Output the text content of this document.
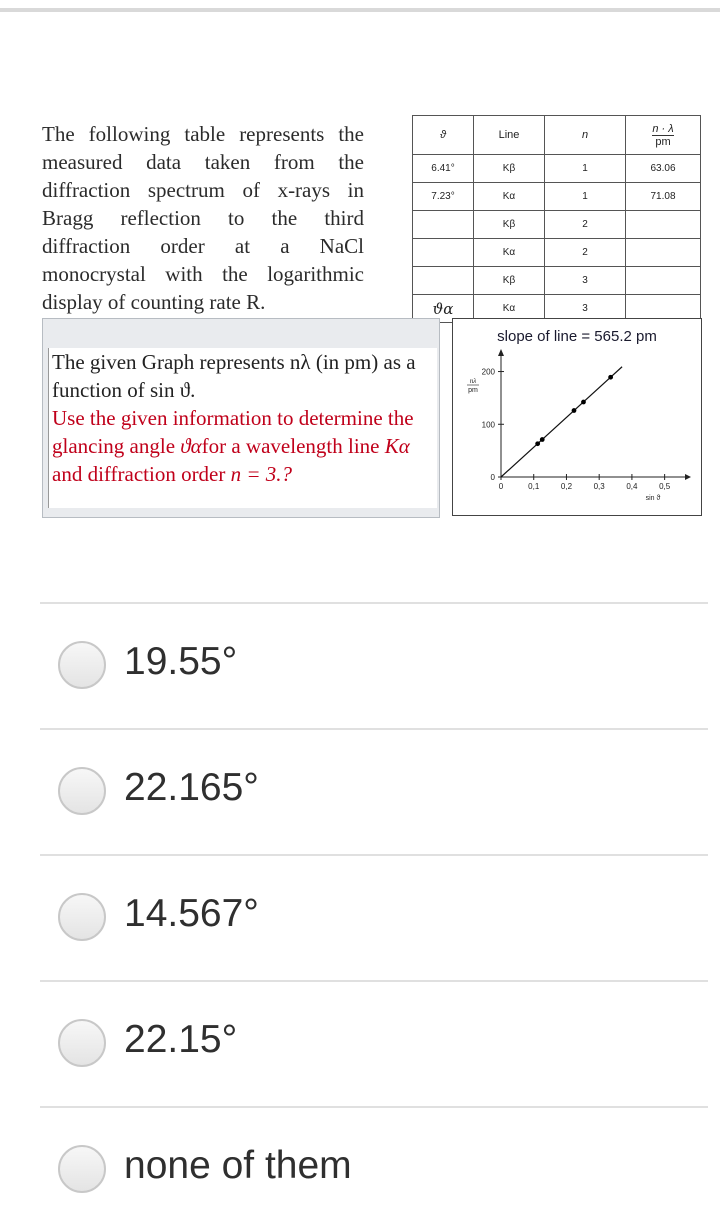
The following table represents the measured data taken from the diffraction spectrum of x-rays in Bragg reflection to the third diffraction order at a NaCl monocrystal with the logarithmic display of counting rate R.

ϑ	Line	n	$\frac{n \cdot \lambda}{pm}$
6.41°	Kβ	1	63.06
7.23°	Kα	1	71.08
	Kβ	2	
	Kα	2	
	Kβ	3	
ϑα	Kα	3	

The given Graph represents nλ (in pm) as a function of sin ϑ.

Use the given information to determine the glancing angle ϑαfor a wavelength line Kα and diffraction order n = 3.?

slope of line = 565.2 pm
0	0,1	0,2	0,3	0,4	0,5
0
100
200
sin ϑ
nλ
pm
19.55°
22.165°
14.567°
22.15°
none of them
